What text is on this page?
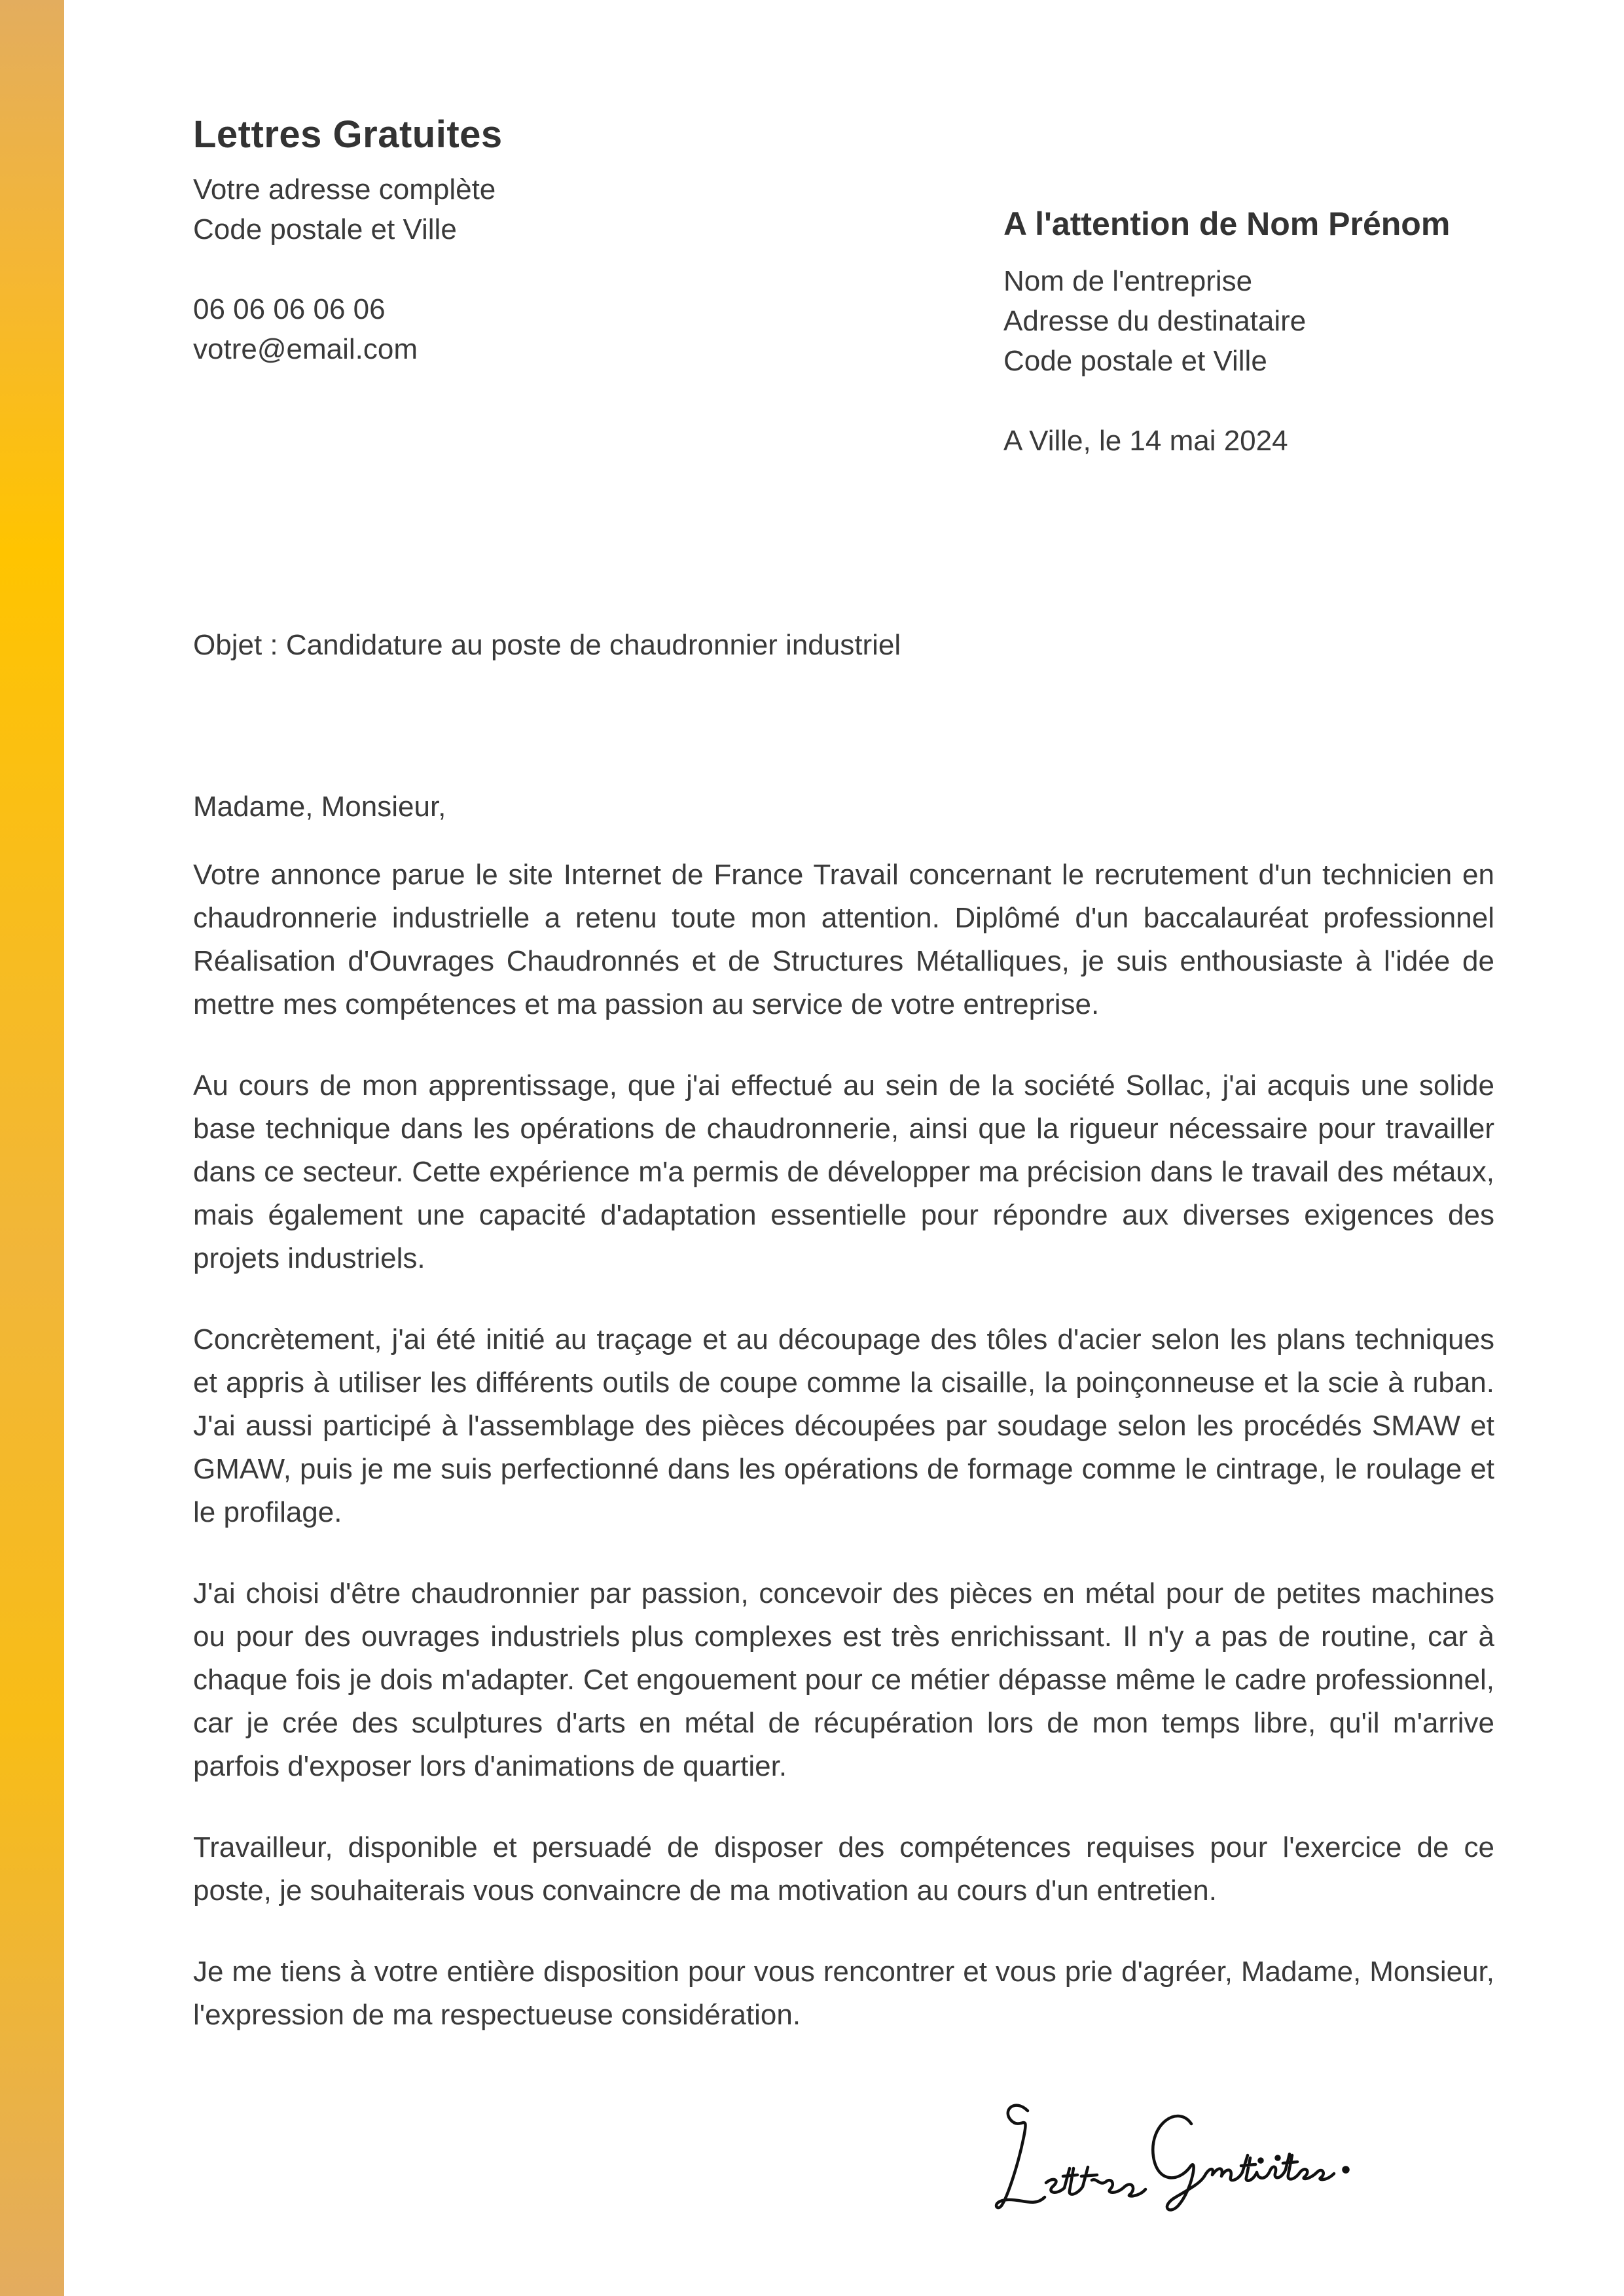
Lettres Gratuites

Votre adresse complète

Code postale et Ville

06 06 06 06 06

votre@email.com

A l'attention de Nom Prénom

Nom de l'entreprise

Adresse du destinataire

Code postale et Ville

A Ville, le 14 mai 2024

Objet : Candidature au poste de chaudronnier industriel

Madame, Monsieur,

Votre annonce parue le site Internet de France Travail concernant le recrutement d'un technicien en chaudronnerie industrielle a retenu toute mon attention. Diplômé d'un baccalauréat professionnel Réalisation d'Ouvrages Chaudronnés et de Structures Métalliques, je suis enthousiaste à l'idée de mettre mes compétences et ma passion au service de votre entreprise.

Au cours de mon apprentissage, que j'ai effectué au sein de la société Sollac, j'ai acquis une solide base technique dans les opérations de chaudronnerie, ainsi que la rigueur nécessaire pour travailler dans ce secteur. Cette expérience m'a permis de développer ma précision dans le travail des métaux, mais également une capacité d'adaptation essentielle pour répondre aux diverses exigences des projets industriels.

Concrètement, j'ai été initié au traçage et au découpage des tôles d'acier selon les plans techniques et appris à utiliser les différents outils de coupe comme la cisaille, la poinçonneuse et la scie à ruban. J'ai aussi participé à l'assemblage des pièces découpées par soudage selon les procédés SMAW et GMAW, puis je me suis perfectionné dans les opérations de formage comme le cintrage, le roulage et le profilage.

J'ai choisi d'être chaudronnier par passion, concevoir des pièces en métal pour de petites machines ou pour des ouvrages industriels plus complexes est très enrichissant. Il n'y a pas de routine, car à chaque fois je dois m'adapter. Cet engouement pour ce métier dépasse même le cadre professionnel, car je crée des sculptures d'arts en métal de récupération lors de mon temps libre, qu'il m'arrive parfois d'exposer lors d'animations de quartier.

Travailleur, disponible et persuadé de disposer des compétences requises pour l'exercice de ce poste, je souhaiterais vous convaincre de ma motivation au cours d'un entretien.

Je me tiens à votre entière disposition pour vous rencontrer et vous prie d'agréer, Madame, Monsieur, l'expression de ma respectueuse considération.
